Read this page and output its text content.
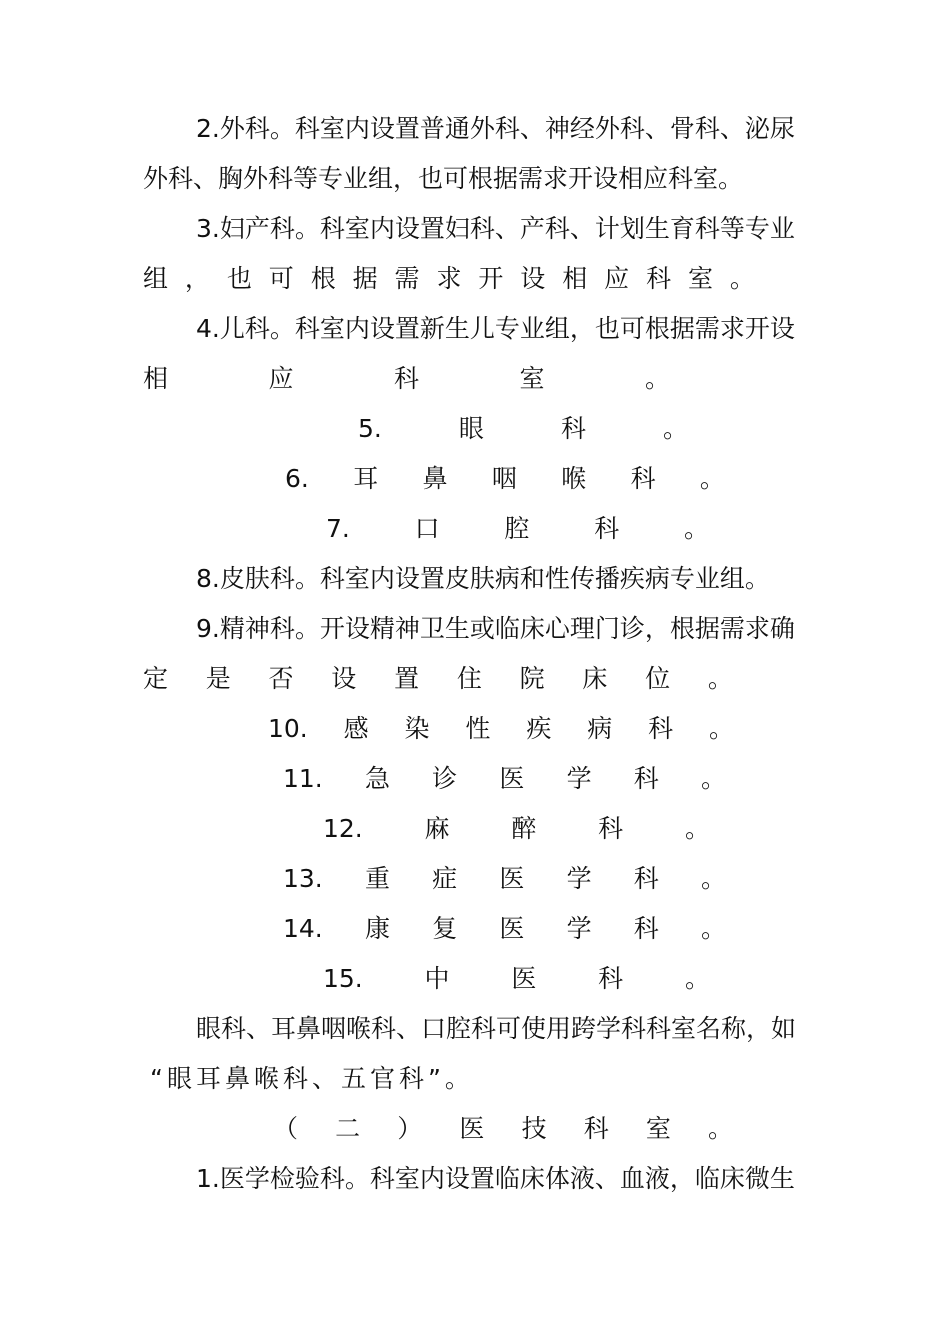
2.外科。科室内设置普通外科、神经外科、骨科、泌尿
外科、胸外科等专业组，也可根据需求开设相应科室。
3.妇产科。科室内设置妇科、产科、计划生育科等专业
组 ， 也 可 根 据 需 求 开 设 相 应 科 室 。
4.儿科。科室内设置新生儿专业组，也可根据需求开设
相	应	科	室	。
5.	眼	科	。
6. 耳 鼻 咽 喉 科 。
7.	口	腔	科	。
8.皮肤科。科室内设置皮肤病和性传播疾病专业组。
9.精神科。开设精神卫生或临床心理门诊，根据需求确
定 是 否 设 置 住 院 床 位 。
10. 感 染 性 疾 病 科 。
11. 急 诊 医 学 科 。
12. 麻 醉 科 。
13. 重 症 医 学 科 。
14. 康 复 医 学 科 。
15. 中 医 科 。
眼科、耳鼻咽喉科、口腔科可使用跨学科科室名称，如
“眼耳鼻喉科、五官科”。
（ 二 ） 医 技 科 室 。
1.医学检验科。科室内设置临床体液、血液，临床微生
